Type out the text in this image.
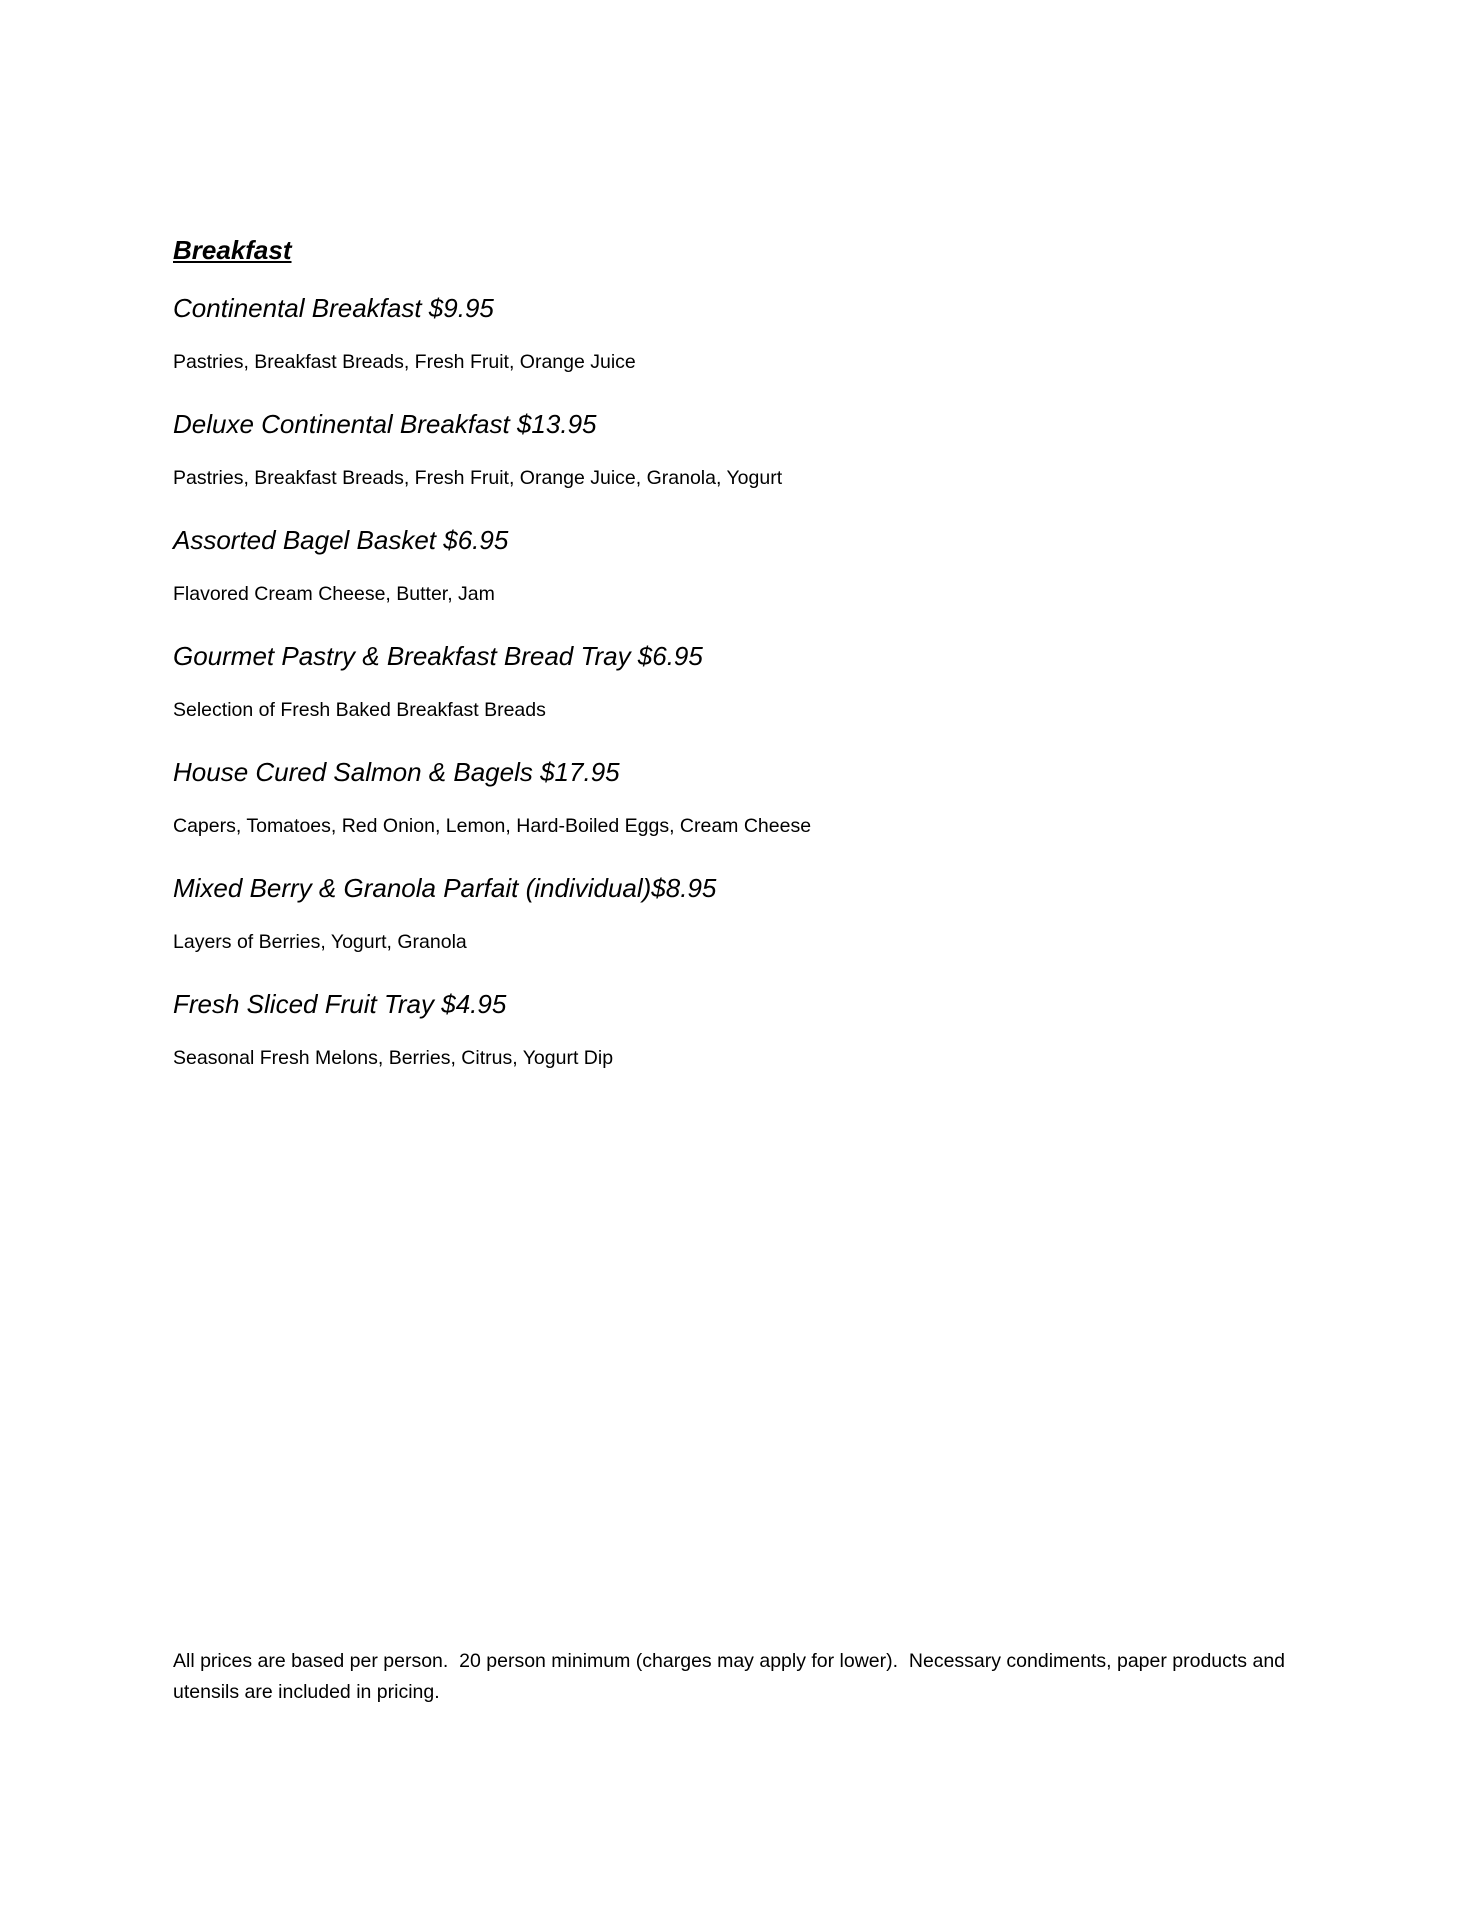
Breakfast
Continental Breakfast $9.95
Pastries, Breakfast Breads, Fresh Fruit, Orange Juice
Deluxe Continental Breakfast $13.95
Pastries, Breakfast Breads, Fresh Fruit, Orange Juice, Granola, Yogurt
Assorted Bagel Basket $6.95
Flavored Cream Cheese, Butter, Jam
Gourmet Pastry & Breakfast Bread Tray $6.95
Selection of Fresh Baked Breakfast Breads
House Cured Salmon & Bagels $17.95
Capers, Tomatoes, Red Onion, Lemon, Hard-Boiled Eggs, Cream Cheese
Mixed Berry & Granola Parfait (individual)$8.95
Layers of Berries, Yogurt, Granola
Fresh Sliced Fruit Tray $4.95
Seasonal Fresh Melons, Berries, Citrus, Yogurt Dip
All prices are based per person.  20 person minimum (charges may apply for lower).  Necessary condiments, paper products and
utensils are included in pricing.
